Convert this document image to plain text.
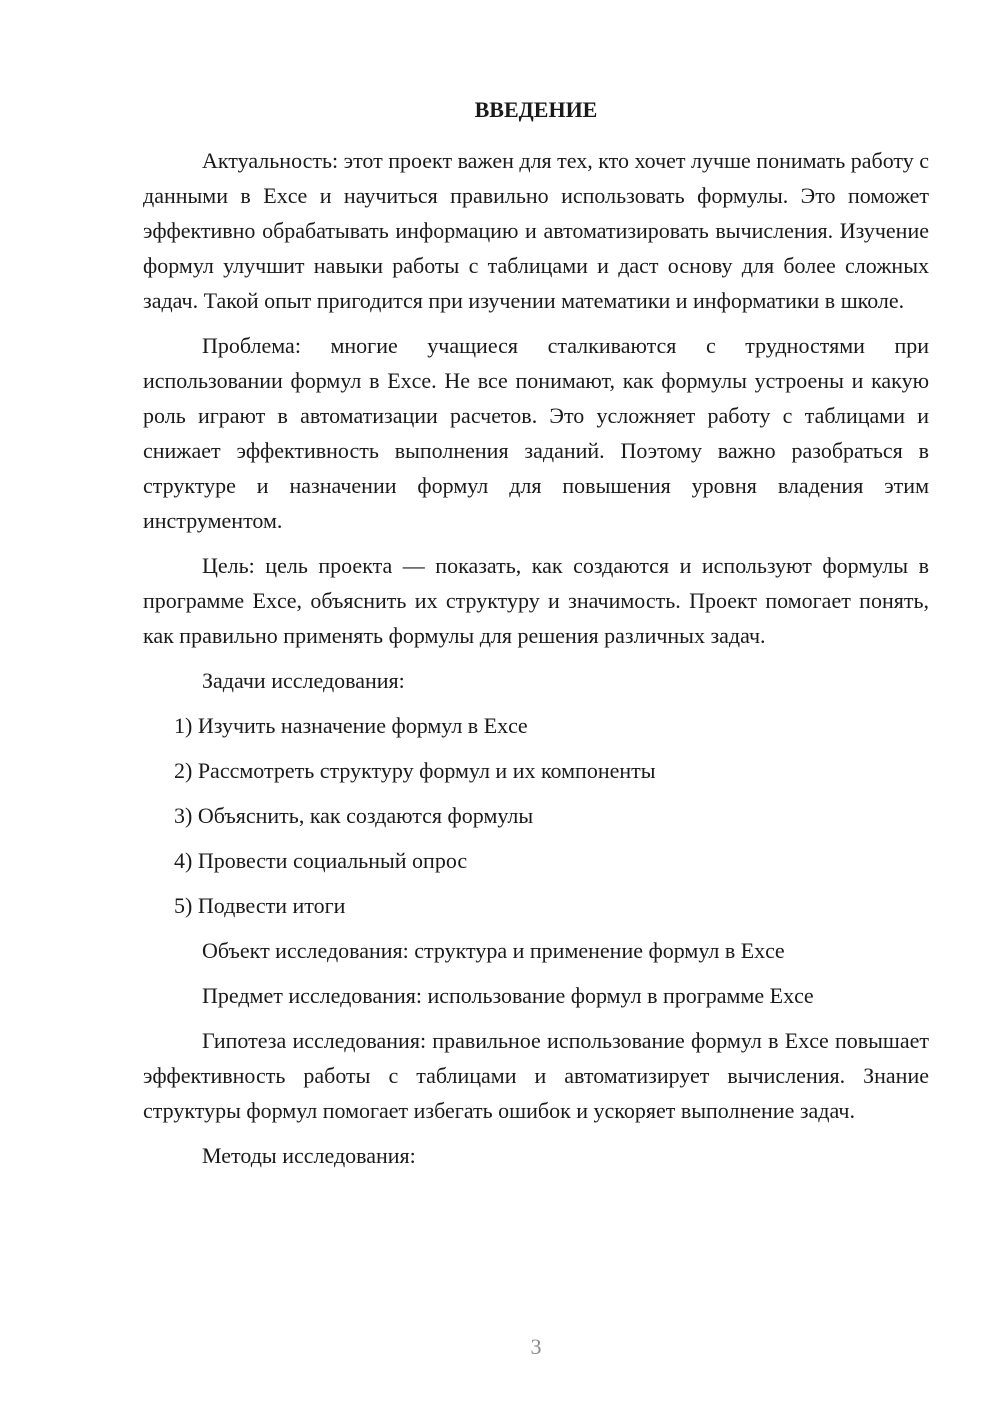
ВВЕДЕНИЕ

Актуальность: этот проект важен для тех, кто хочет лучше понимать работу с данными в Exce и научиться правильно использовать формулы. Это поможет эффективно обрабатывать информацию и автоматизировать вычисления. Изучение формул улучшит навыки работы с таблицами и даст основу для более сложных задач. Такой опыт пригодится при изучении математики и информатики в школе.

Проблема: многие учащиеся сталкиваются с трудностями при использовании формул в Exce. Не все понимают, как формулы устроены и какую роль играют в автоматизации расчетов. Это усложняет работу с таблицами и снижает эффективность выполнения заданий. Поэтому важно разобраться в структуре и назначении формул для повышения уровня владения этим инструментом.

Цель: цель проекта — показать, как создаются и используют формулы в программе Exce, объяснить их структуру и значимость. Проект помогает понять, как правильно применять формулы для решения различных задач.

Задачи исследования:

1) Изучить назначение формул в Exce

2) Рассмотреть структуру формул и их компоненты

3) Объяснить, как создаются формулы

4) Провести социальный опрос

5) Подвести итоги

Объект исследования: структура и применение формул в Exce

Предмет исследования: использование формул в программе Exce

Гипотеза исследования: правильное использование формул в Exce повышает эффективность работы с таблицами и автоматизирует вычисления. Знание структуры формул помогает избегать ошибок и ускоряет выполнение задач.

Методы исследования:

3
